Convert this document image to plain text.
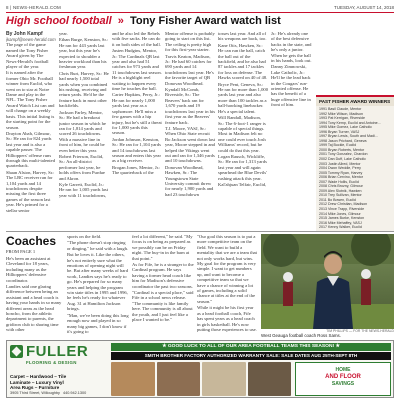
8 | NEWS-HERALD.COM	TUESDAY, AUGUST 14, 2018
High school football » Tony Fisher Award watch list
By John Kampf
jkampf@news-herald.com

The page of the game named the Tony Fisher Award given by The News-Herald's football player of the year.

It is named after the former Ohio Mr. Football winner from Euclid, who went on to star at Notre Dame and play in the NFL. The Tony Fisher Award Watch List can and will change on a weekly basis. This initial listing is the starting point for the season.

Drayton Abah, Gilmour, Sr.: He ran for 824 yards last year and is also a capable passer. The Hilltoppers' offense runs through this multi-talented quarterback.

Shaan Alston, Harvey, Sr.: The LBC receiver ran for 1,104 yards and 14 touchdowns despite missing the first three games of the season last year. He's primed for a stellar senior

year.

Ethan Burge, Kenston, Sr.: He ran for 443 yards last year, but this year he's expected to shoulder a heavier workload than his freshman year.

Chris Burt, Harvey, Sr.: He had nearly 1,500 total yards when you combined his rushing, receiving and return yards. He'd be the feature back in most other backfields.

Jackson Farley, Mentor, Sr.: He had a breakout junior season in which he ran for 1,814 yards and scored 26 touchdowns. With a massive line in front of him, he could be even better this year.

Robert Frierson, Euclid, Sr.: An all-district performer last year, he holds offers from Purdue and Akron.

Kyle Garrett, Euclid, Jr.: He ran for 1,005 yards last year with 11 touchdowns,

and he also led the Rebels with five sacks. He can do it on both sides of the ball.

Justen Hudgins, Mentor, Jr.: The Cardinals QB last year and also had 51 catches for 973 yards and 11 touchdowns last season. He is a highlight reel waiting to happen every time he touches the ball.

Carter Hopkins, Perry, Jr.: He ran for nearly 1,000 yards last year as a sophomore. He'll miss a few games with a hip injury, but he's still a threat for 1,000 yards this season.

Jordan Johnson, Kenston, Sr.: He ran for 1,104 yards and 14 touchdowns last season and enters this year as a big receiver.

Brogan Jones, Mentor, Jr.: The quarterback of the

Mentor offense is probably going to start on this list. The ceiling is pretty high for this first-year starter.

Travis Keaton, Madison, Jr.: He had 60 catches for 690 yards and 14 touchdowns last year. He's the favorite target of QB Donovan Woodhead.

Kyndall McComb, Riverside, Sr.: The Beavers' back ran for 1,670 yards and 19 touchdowns last year in his first year as the Beavers' feature back.

T.J. Moore, VASJ, Sr.: When Ohio State recruit Bo Jackson went down last year, Moore stepped in and helped the Vikings went out and ran for 1,346 yards and 10 touchdowns.

Donovan Woodhead, Hawken, Sr.: The Youngstown State University commit threw for nearly 1,900 yards and had 23 touchdown

tosses last year. And all of his weapons are back, too.

Kane Otis, Hawken, Sr.: He can run the ball, catch the ball out of the backfield, and he also had 87 tackles and 17 tackles for loss on defense. The Hawks scored on 40 of 48.

Bryce Pent, Geneva, Sr.: He ran for more than 1,000 yards last year and also more than 100 tackles as a ball-hawking linebacker. He's a special talent.

Will Randall, Madison, Sr.: The 6-foot-1 ranger is capable of special things. Most in Madison felt no one could ever touch Josh Williams' record, but he could do that this year.

Logan Rausch, Wickliffe, Sr.: He ran for 1,313 yards last year and will again spearhead the Blue Devils' rushing attack this year.

Kal'ahjuan Telfair, Euclid,

Jr.: He's already one of the best defensive backs in the state, and he's only a junior. When he gets the ball in his hands, look out.

Danny Zimnowski, Lake Catholic, Jr.: He'll be the lead back in the Cougars' run-oriented offense. He has the benefit of a huge offensive line in front of him.

PAST FISHER AWARD WINNERS
1991 Basil Claude, Mentor
1992 Mike Wilson, Madison
1993 Pat Kerrigan, Riverside
1994 Tony Kemp, Euclid and Antoine...
1995 Mike Gomez, Lake Catholic
1996 Bryan Turner, VASJ
1997 Bryan Lewis, South and Madi...
1998 Jason Prichard, Geneva
1999 Taj Buckle, Euclid
2000 Bryan Roberts, Mentor
2001 Tony Gonzalez, Chardon
2002 Dan Duff, Lake Catholic
2003 Justin Allred, Mentor
2004 Dwon Weddle, Perry
2005 Tommy Ryan, Harvey
2006 Brian Cervino, Mentor
2007 Wade Hollis, Euclid
2008 Chris Brozny, Gilmour
2009 Alex Slotnik, Hawken
2010 Trey Sullivan, Mentor
2011 Bo Bowen, Euclid
2012 Drew Christian, Madison
2013 Vince Trapp, Riverside
2014 Mike Jones, Gilmour
2015 James Burke, Kenston
2016 Mike Mehaffey, VASJ
2017 Kenny Walker, Euclid
Coaches
FROM PAGE 1

He's been an assistant at Cleveland for 18 years, including many as the Hilltoppers' defensive coordinator.

Landies said one glaring difference between being an assistant and a head coach is having your hands in so many different areas as the head honcho, from the athletic department to parents, the gridiron club to sharing time with other

sports on the field.

"The phone doesn't stop ringing or dinging," he said with a laugh.

But he loves it. Like the others, he's not entirely sure what the emotions of opening night will be. But after many weeks of hard work, Landies says he's ready to go. He's prepared for so many years and helping the program win state titles in 1995 and 1996, he feels he's ready for whatever Aug. 31 at Hamilton Jackson brings.

"Man, we've been doing this long enough now and played in so many big games, I don't know if it's going to

feel a lot different," he said. "My focus is on being as prepared as we possibly can be on Friday night. The buy-in in the barn at that point."

As for Fife, he is a stranger to the Cardinal program. He says having a former head coach like him for Madison's defensive coordinator the past two seasons.

"Cardinal is a special place," said Fife in a school news release. "The community is like family here. The community is all about the youth, and I just feel like a place I wanted to be."

"Our goal this season is to put a more competitive team on the field. We want to build a mentality that we are a team that not only works hard, but wins. My goal for the program is very simple. I want to get numbers up, and want to become a competitive team so that we have a chance of winning a lot of games, including a solid chance at titles at the end of the season."

While it might be his first year as a head football coach, Fife has spent years as a head coach in girls basketball. He's now putting those experiences to use.	TIM PHILLIPS — FOR THE NEWS-HERALD
West Geauga football coach Ross Sams.
FULLER
FLOORING & DESIGN
★ GOOD LUCK TO ALL OF OUR AREA FOOTBALL TEAMS THIS SEASON! ★
SMITH BROTHER FACTORY AUTHORIZED WARRANTY SALE: SALE DATES AUG 25TH-SEPT 8TH
Carpet – Hardwood – Tile
Laminate – Luxury Vinyl
Area Rugs – Furniture
3905 Third Street, Willoughby 440.942.1300
HOME
AND FLOOR
SAVINGS
